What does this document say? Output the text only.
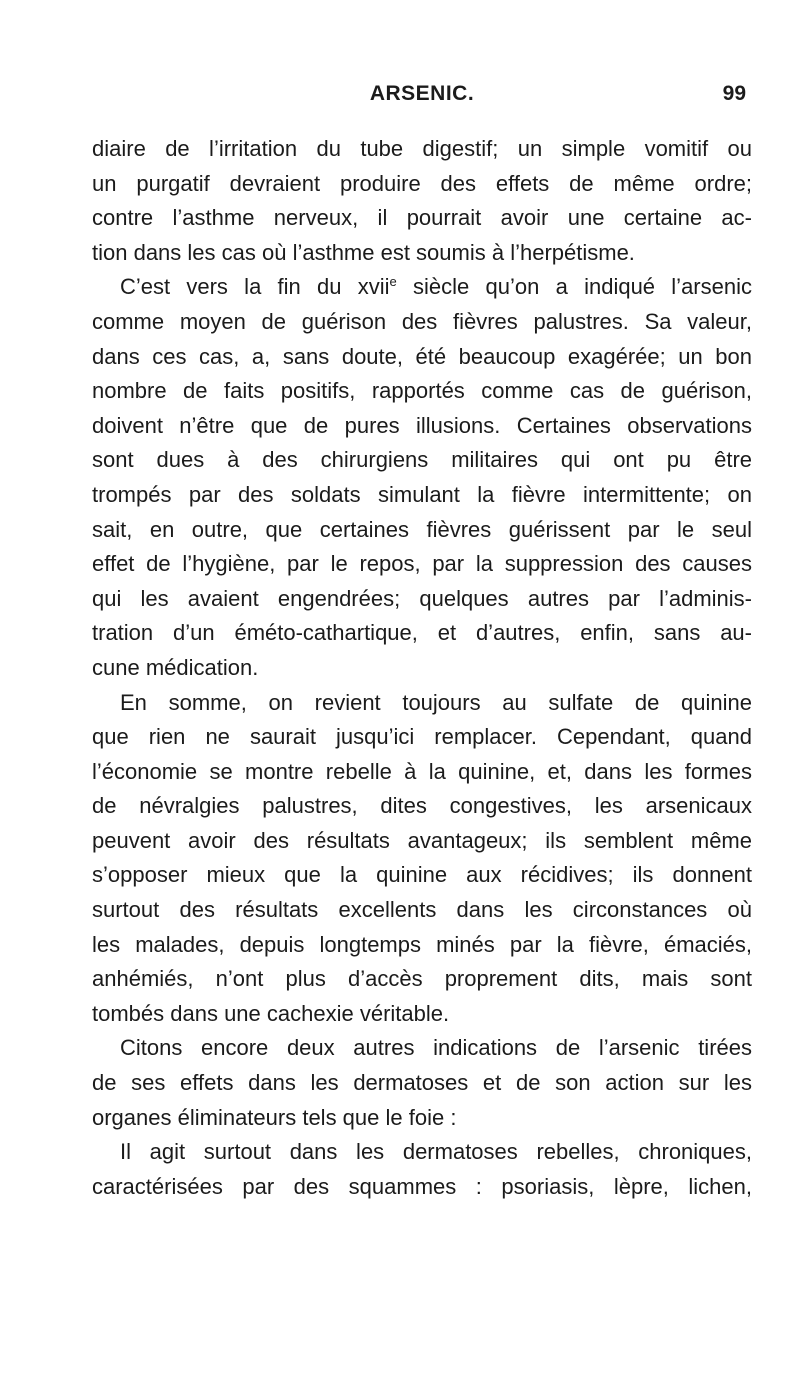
ARSENIC.	99
diaire de l’irritation du tube digestif; un simple vomitif ou
un purgatif devraient produire des effets de même ordre;
contre l’asthme nerveux, il pourrait avoir une certaine ac-
tion dans les cas où l’asthme est soumis à l’herpétisme.
C’est vers la fin du xvii$^e$ siècle qu’on a indiqué l’arsenic
comme moyen de guérison des fièvres palustres. Sa valeur,
dans ces cas, a, sans doute, été beaucoup exagérée; un bon
nombre de faits positifs, rapportés comme cas de guérison,
doivent n’être que de pures illusions. Certaines observations
sont dues à des chirurgiens militaires qui ont pu être
trompés par des soldats simulant la fièvre intermittente; on
sait, en outre, que certaines fièvres guérissent par le seul
effet de l’hygiène, par le repos, par la suppression des causes
qui les avaient engendrées; quelques autres par l’adminis-
tration d’un éméto-cathartique, et d’autres, enfin, sans au-
cune médication.
En somme, on revient toujours au sulfate de quinine
que rien ne saurait jusqu’ici remplacer. Cependant, quand
l’économie se montre rebelle à la quinine, et, dans les formes
de névralgies palustres, dites congestives, les arsenicaux
peuvent avoir des résultats avantageux; ils semblent même
s’opposer mieux que la quinine aux récidives; ils donnent
surtout des résultats excellents dans les circonstances où
les malades, depuis longtemps minés par la fièvre, émaciés,
anhémiés, n’ont plus d’accès proprement dits, mais sont
tombés dans une cachexie véritable.
Citons encore deux autres indications de l’arsenic tirées
de ses effets dans les dermatoses et de son action sur les
organes éliminateurs tels que le foie :
Il agit surtout dans les dermatoses rebelles, chroniques,
caractérisées par des squammes : psoriasis, lèpre, lichen,
